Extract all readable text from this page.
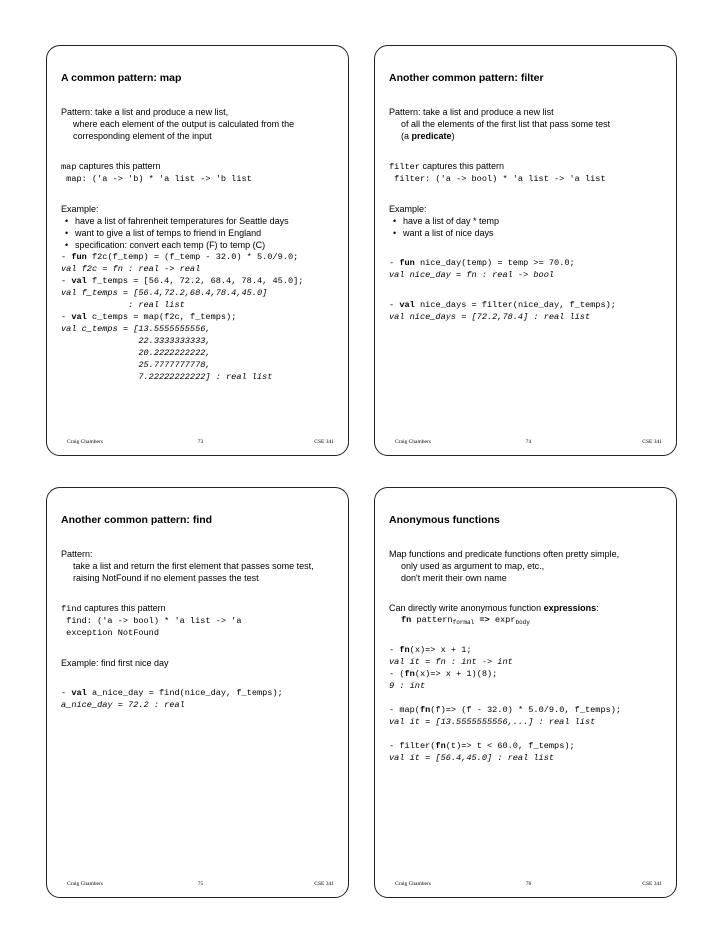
A common pattern: map
Pattern: take a list and produce a new list,
where each element of the output is calculated from the
corresponding element of the input
map captures this pattern
map: ('a -> 'b) * 'a list -> 'b list
Example:
• have a list of fahrenheit temperatures for Seattle days
• want to give a list of temps to friend in England
• specification: convert each temp (F) to temp (C)
- fun f2c(f_temp) = (f_temp - 32.0) * 5.0/9.0;
val f2c = fn : real -> real
- val f_temps = [56.4, 72.2, 68.4, 78.4, 45.0];
val f_temps = [56.4,72.2,68.4,78.4,45.0]
: real list
- val c_temps = map(f2c, f_temps);
val c_temps = [13.5555555556,
22.3333333333,
20.2222222222,
25.7777777778,
7.22222222222] : real list
Craig Chambers	73	CSE 341
Another common pattern: filter
Pattern: take a list and produce a new list
of all the elements of the first list that pass some test
(a predicate)
filter captures this pattern
filter: ('a -> bool) * 'a list -> 'a list
Example:
• have a list of day * temp
• want a list of nice days
- fun nice_day(temp) = temp >= 70.0;
val nice_day = fn : real -> bool
- val nice_days = filter(nice_day, f_temps);
val nice_days = [72.2,78.4] : real list
Craig Chambers	74	CSE 341
Another common pattern: find
Pattern:
take a list and return the first element that passes some test,
raising NotFound if no element passes the test
find captures this pattern
find: ('a -> bool) * 'a list -> 'a
exception NotFound
Example: find first nice day
- val a_nice_day = find(nice_day, f_temps);
a_nice_day = 72.2 : real
Craig Chambers	75	CSE 341
Anonymous functions
Map functions and predicate functions often pretty simple,
only used as argument to map, etc.,
don't merit their own name
Can directly write anonymous function expressions:
fn pattern$_{formal}$ => expr$_{body}$
- fn(x)=> x + 1;
val it = fn : int -> int
- (fn(x)=> x + 1)(8);
9 : int
- map(fn(f)=> (f - 32.0) * 5.0/9.0, f_temps);
val it = [13.5555555556,...] : real list
- filter(fn(t)=> t < 60.0, f_temps);
val it = [56.4,45.0] : real list
Craig Chambers	76	CSE 341
